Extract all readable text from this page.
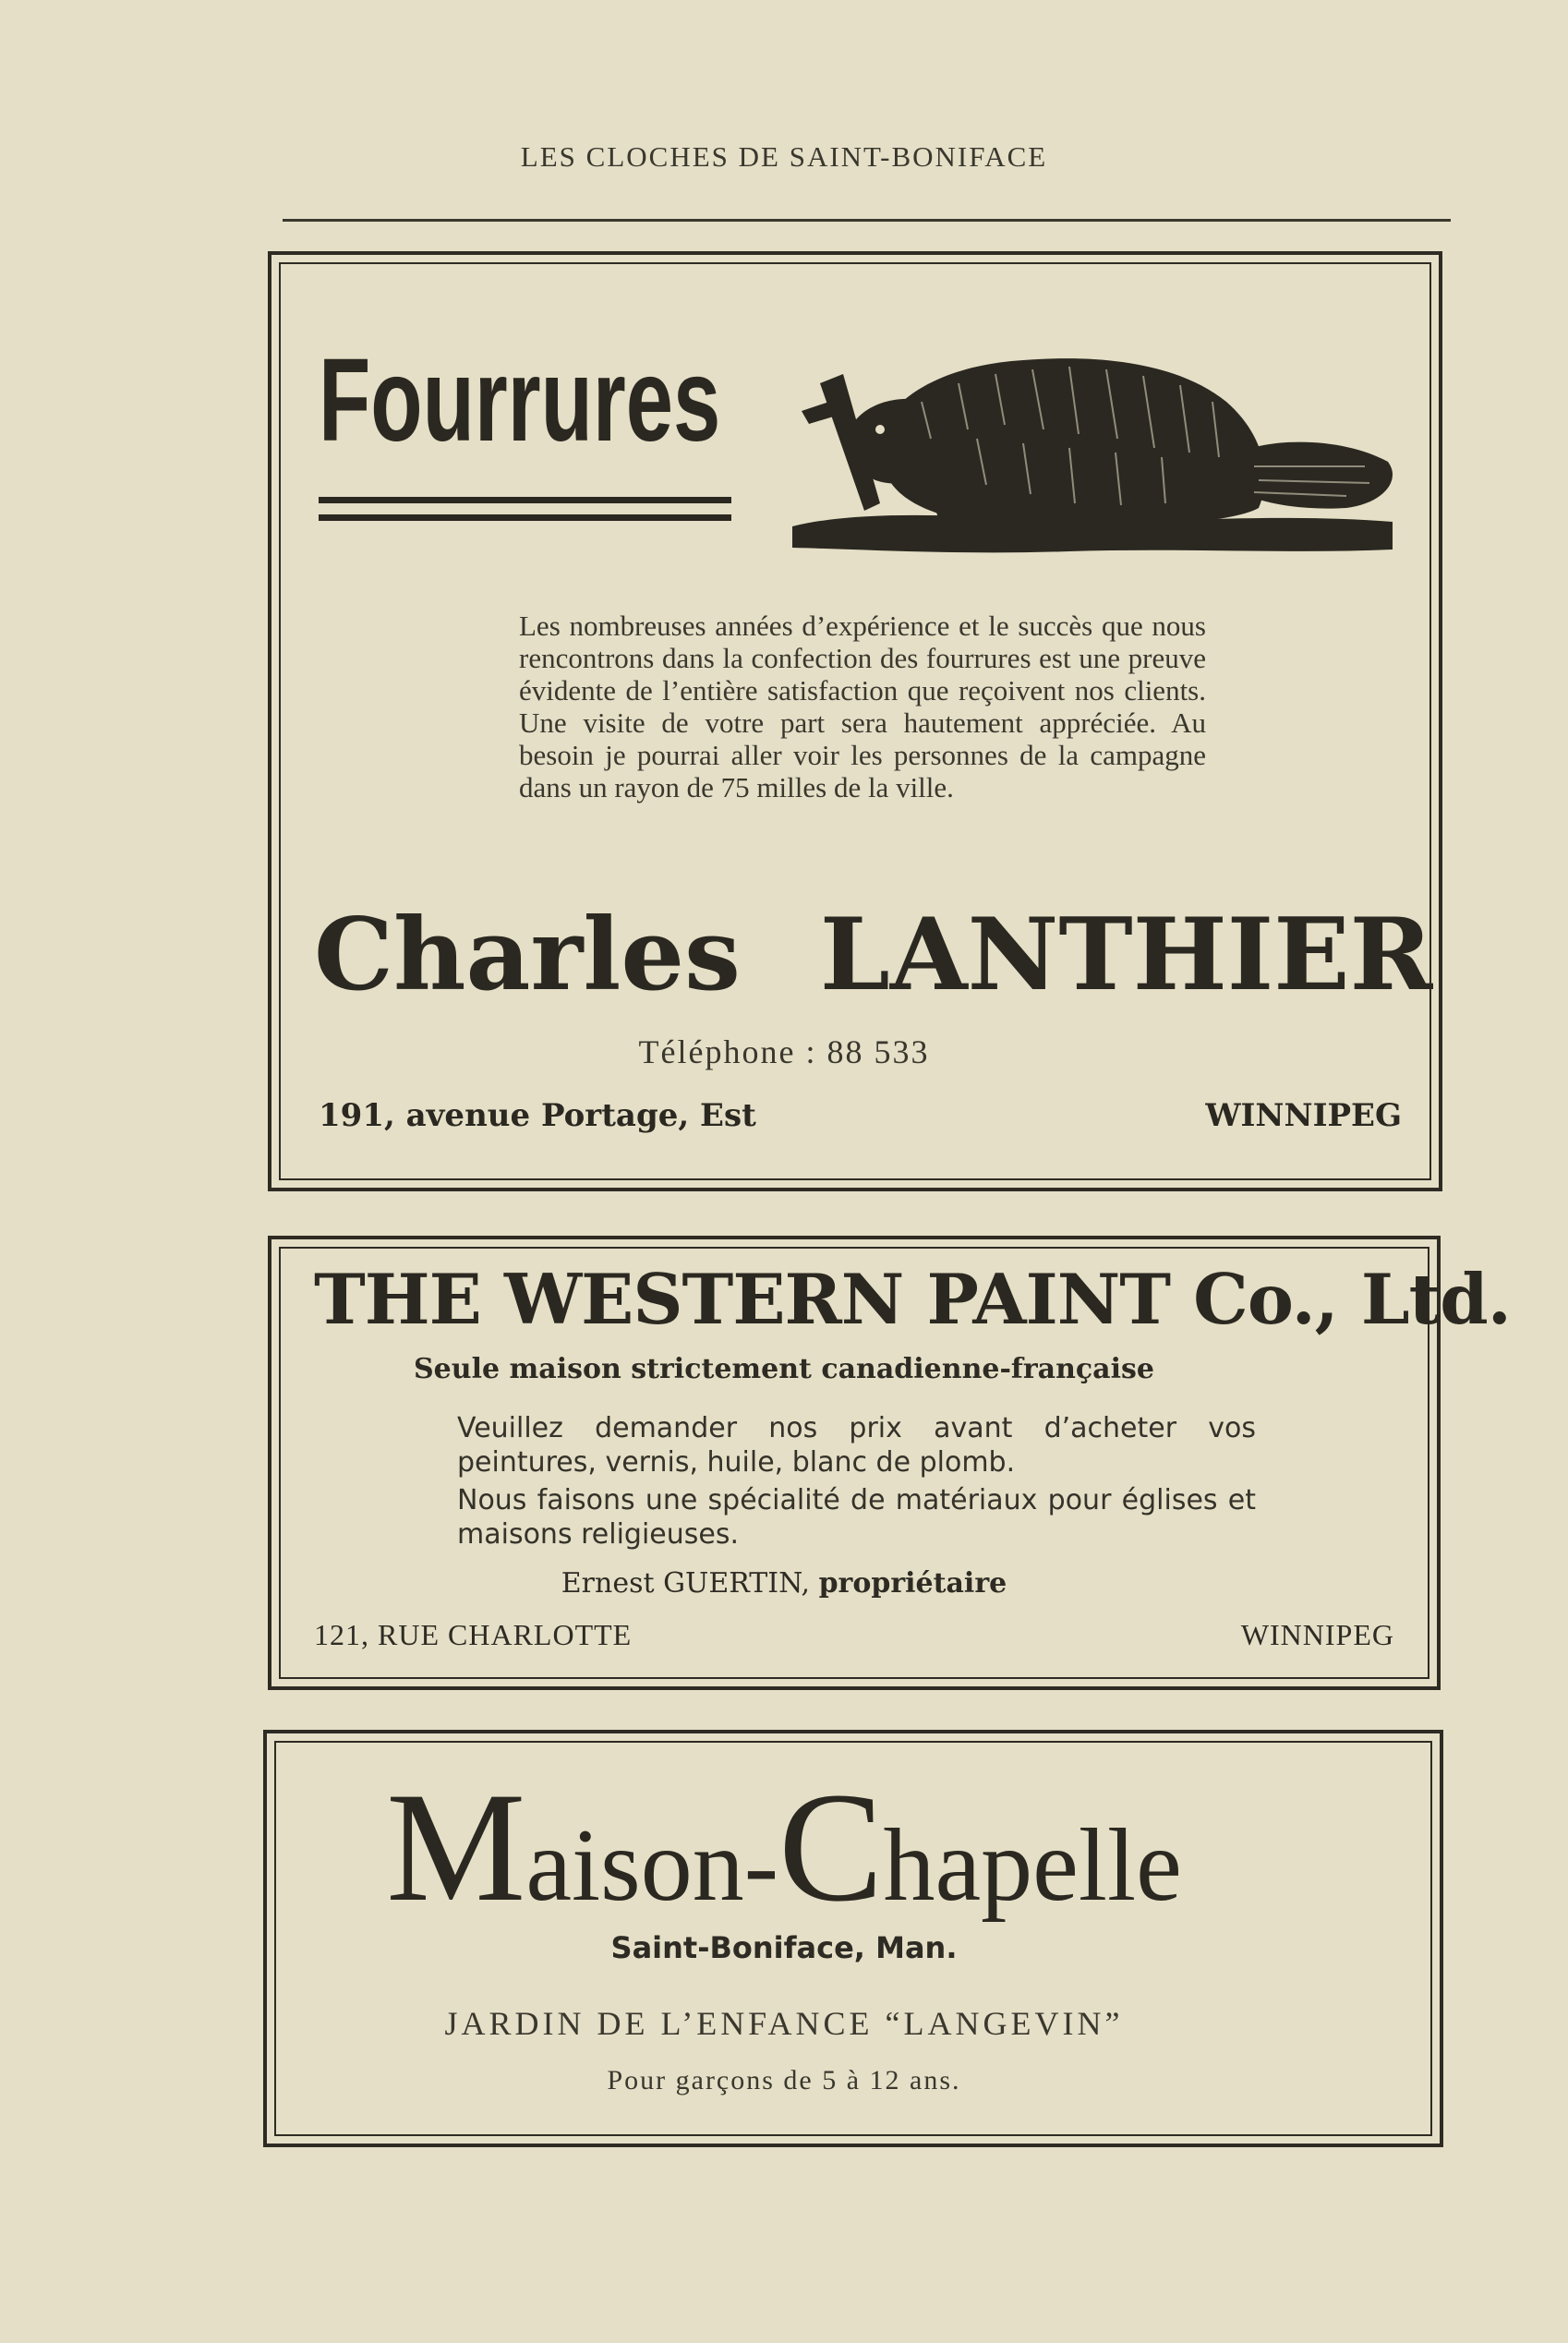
LES CLOCHES DE SAINT-BONIFACE
Fourrures

Les nombreuses années d’expérience et le succès que nous rencontrons dans la confection des fourrures est une preuve évidente de l’entière satisfaction que reçoivent nos clients. Une visite de votre part sera hautement appréciée. Au besoin je pourrai aller voir les personnes de la campagne dans un rayon de 75 milles de la ville.

Charles LANTHIER
Téléphone : 88 533
191, avenue Portage, Est	WINNIPEG
THE WESTERN PAINT Co., Ltd.
Seule maison strictement canadienne-française

Veuillez demander nos prix avant d’acheter vos peintures, vernis, huile, blanc de plomb.

Nous faisons une spécialité de matériaux pour églises et maisons religieuses.

Ernest GUERTIN, propriétaire
121, RUE CHARLOTTE	WINNIPEG
Maison-Chapelle
Saint-Boniface, Man.
JARDIN DE L’ENFANCE “LANGEVIN”
Pour garçons de 5 à 12 ans.
